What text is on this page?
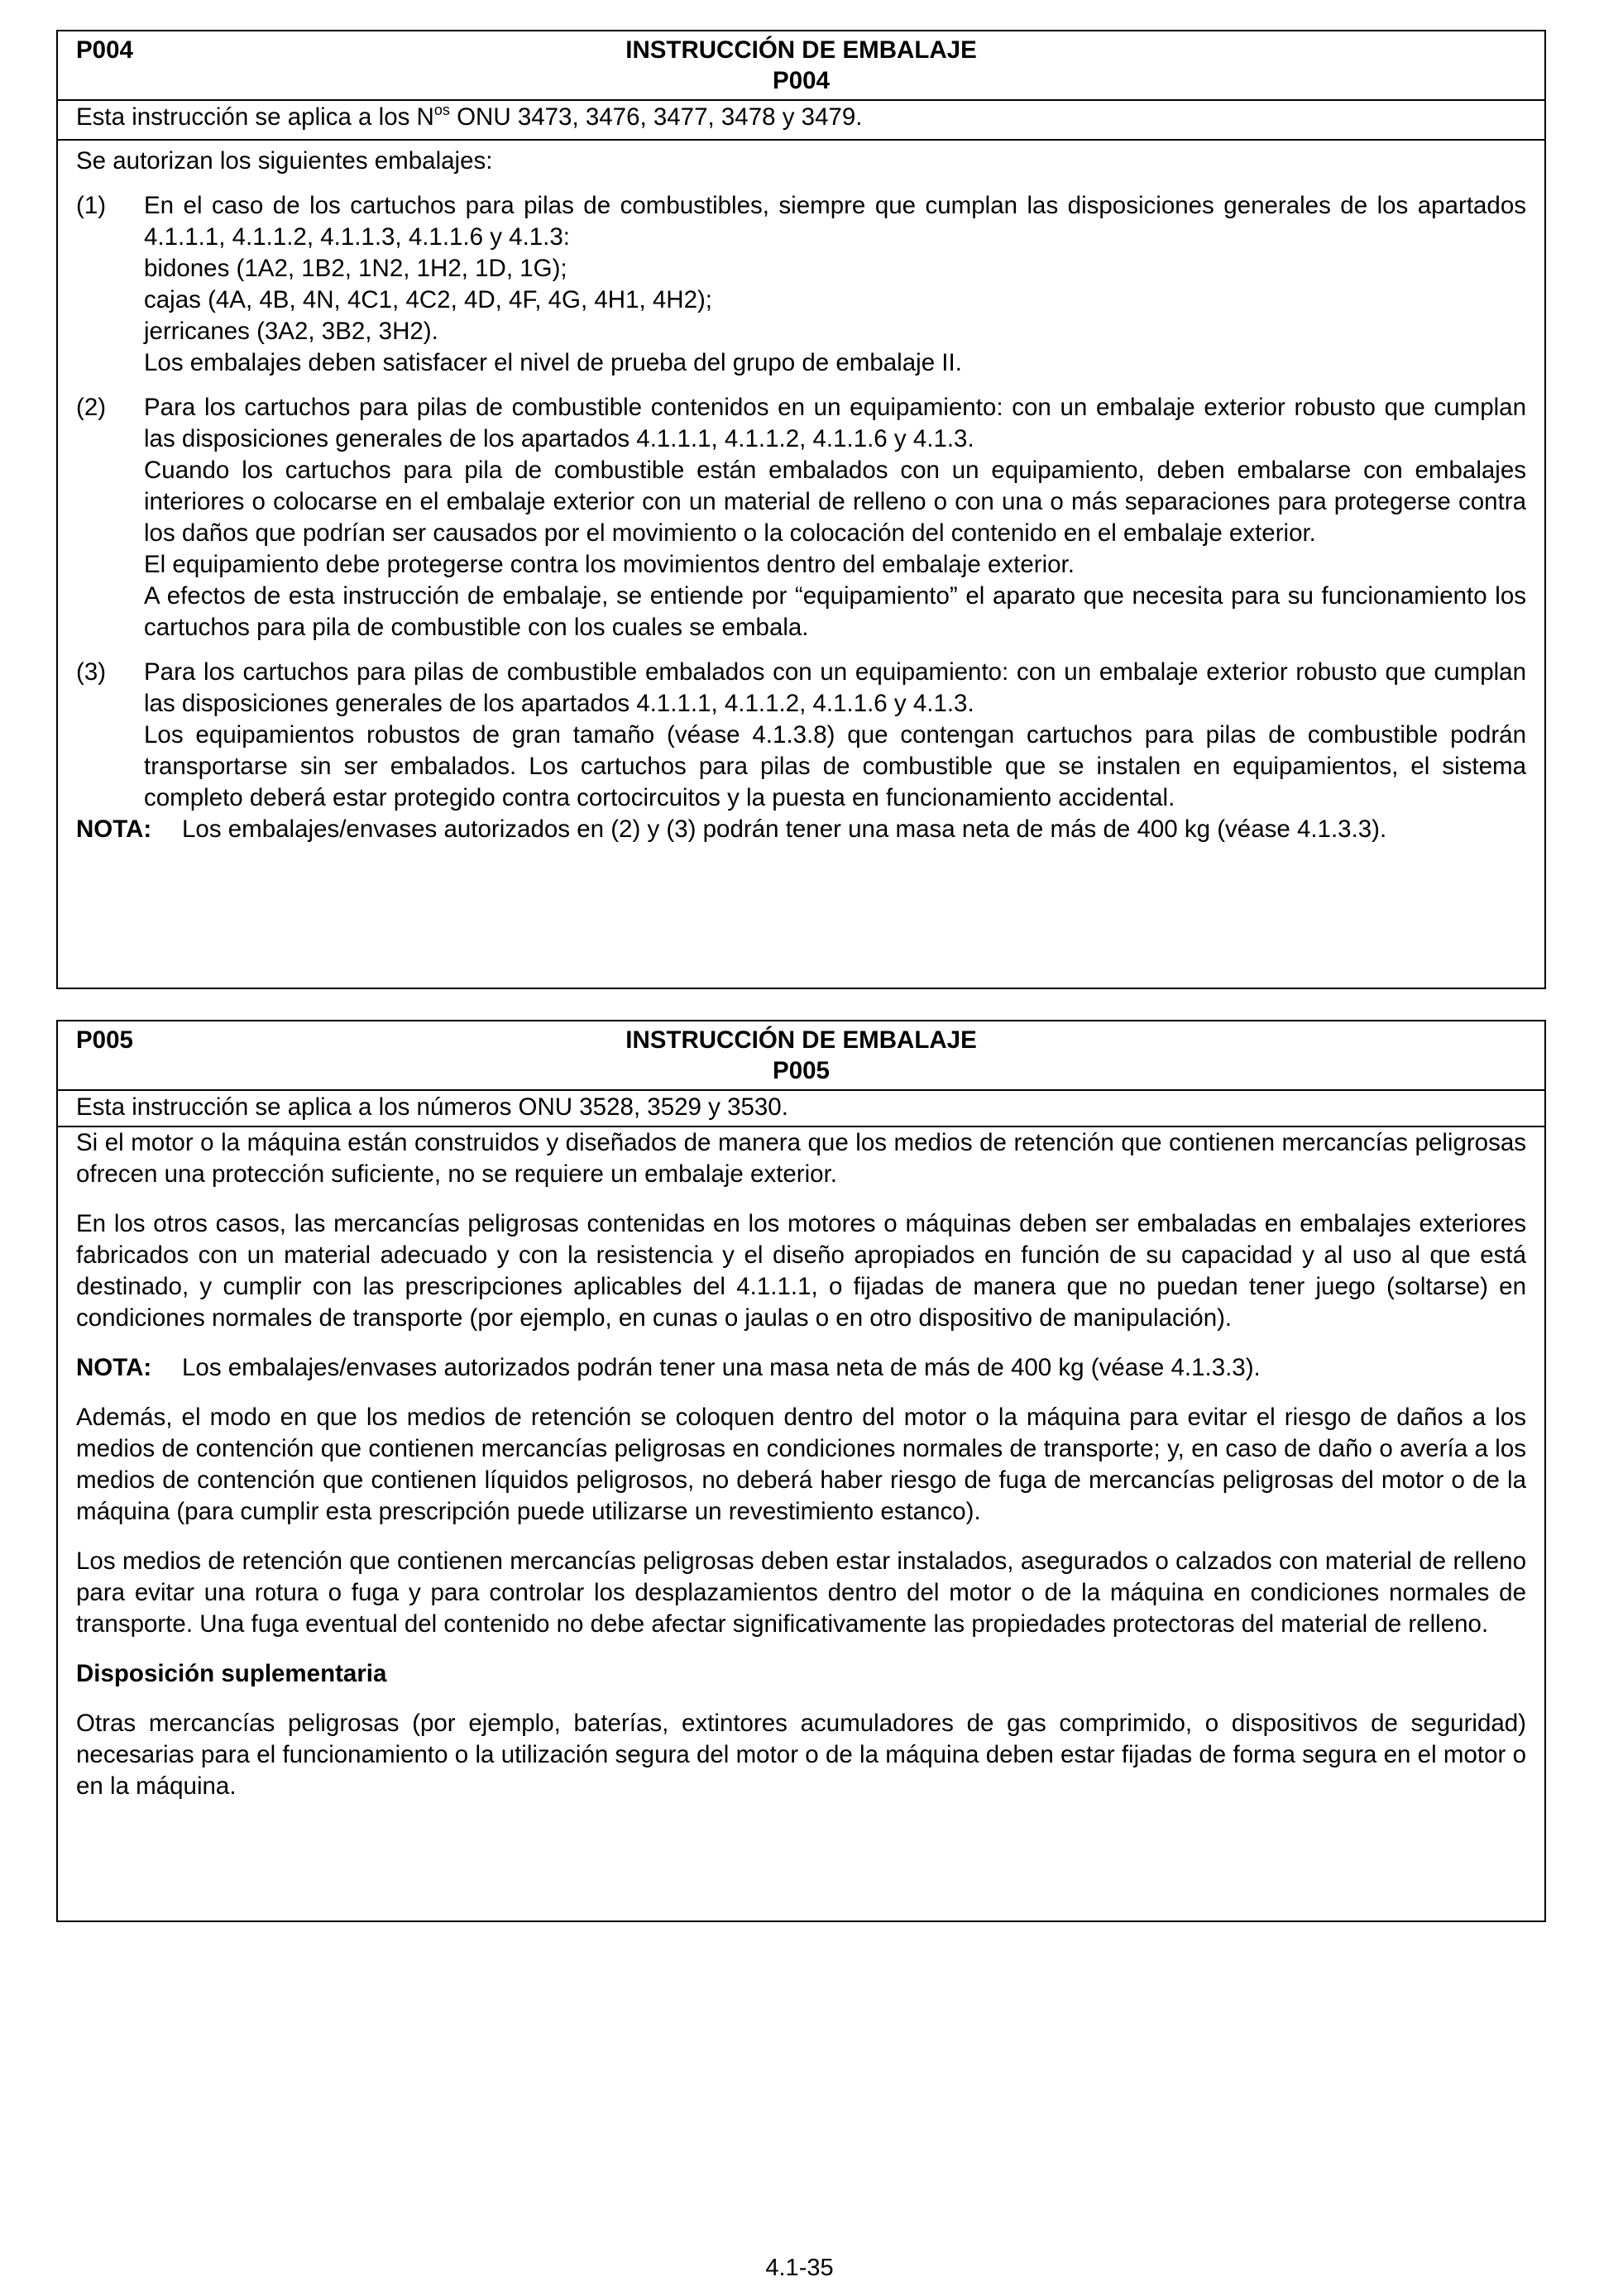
P004	INSTRUCCIÓN DE EMBALAJE
P004
Esta instrucción se aplica a los $N^{os}$ ONU 3473, 3476, 3477, 3478 y 3479.

Se autorizan los siguientes embalajes:

(1) En el caso de los cartuchos para pilas de combustibles, siempre que cumplan las disposiciones generales de los apartados 4.1.1.1, 4.1.1.2, 4.1.1.3, 4.1.1.6 y 4.1.3:
bidones (1A2, 1B2, 1N2, 1H2, 1D, 1G);
cajas (4A, 4B, 4N, 4C1, 4C2, 4D, 4F, 4G, 4H1, 4H2);
jerricanes (3A2, 3B2, 3H2).
Los embalajes deben satisfacer el nivel de prueba del grupo de embalaje II.
(2) Para los cartuchos para pilas de combustible contenidos en un equipamiento: con un embalaje exterior robusto que cumplan las disposiciones generales de los apartados 4.1.1.1, 4.1.1.2, 4.1.1.6 y 4.1.3.
Cuando los cartuchos para pila de combustible están embalados con un equipamiento, deben embalarse con embalajes interiores o colocarse en el embalaje exterior con un material de relleno o con una o más separaciones para protegerse contra los daños que podrían ser causados por el movimiento o la colocación del contenido en el embalaje exterior.
El equipamiento debe protegerse contra los movimientos dentro del embalaje exterior.
A efectos de esta instrucción de embalaje, se entiende por “equipamiento” el aparato que necesita para su funcionamiento los cartuchos para pila de combustible con los cuales se embala.
(3) Para los cartuchos para pilas de combustible embalados con un equipamiento: con un embalaje exterior robusto que cumplan las disposiciones generales de los apartados 4.1.1.1, 4.1.1.2, 4.1.1.6 y 4.1.3.
Los equipamientos robustos de gran tamaño (véase 4.1.3.8) que contengan cartuchos para pilas de combustible podrán transportarse sin ser embalados. Los cartuchos para pilas de combustible que se instalen en equipamientos, el sistema completo deberá estar protegido contra cortocircuitos y la puesta en funcionamiento accidental.
NOTA: Los embalajes/envases autorizados en (2) y (3) podrán tener una masa neta de más de 400 kg (véase 4.1.3.3).
P005	INSTRUCCIÓN DE EMBALAJE
P005
Esta instrucción se aplica a los números ONU 3528, 3529 y 3530.

Si el motor o la máquina están construidos y diseñados de manera que los medios de retención que contienen mercancías peligrosas ofrecen una protección suficiente, no se requiere un embalaje exterior.

En los otros casos, las mercancías peligrosas contenidas en los motores o máquinas deben ser embaladas en embalajes exteriores fabricados con un material adecuado y con la resistencia y el diseño apropiados en función de su capacidad y al uso al que está destinado, y cumplir con las prescripciones aplicables del 4.1.1.1, o fijadas de manera que no puedan tener juego (soltarse) en condiciones normales de transporte (por ejemplo, en cunas o jaulas o en otro dispositivo de manipulación).

NOTA: Los embalajes/envases autorizados podrán tener una masa neta de más de 400 kg (véase 4.1.3.3).

Además, el modo en que los medios de retención se coloquen dentro del motor o la máquina para evitar el riesgo de daños a los medios de contención que contienen mercancías peligrosas en condiciones normales de transporte; y, en caso de daño o avería a los medios de contención que contienen líquidos peligrosos, no deberá haber riesgo de fuga de mercancías peligrosas del motor o de la máquina (para cumplir esta prescripción puede utilizarse un revestimiento estanco).

Los medios de retención que contienen mercancías peligrosas deben estar instalados, asegurados o calzados con material de relleno para evitar una rotura o fuga y para controlar los desplazamientos dentro del motor o de la máquina en condiciones normales de transporte. Una fuga eventual del contenido no debe afectar significativamente las propiedades protectoras del material de relleno.

Disposición suplementaria

Otras mercancías peligrosas (por ejemplo, baterías, extintores acumuladores de gas comprimido, o dispositivos de seguridad) necesarias para el funcionamiento o la utilización segura del motor o de la máquina deben estar fijadas de forma segura en el motor o en la máquina.

4.1-35
